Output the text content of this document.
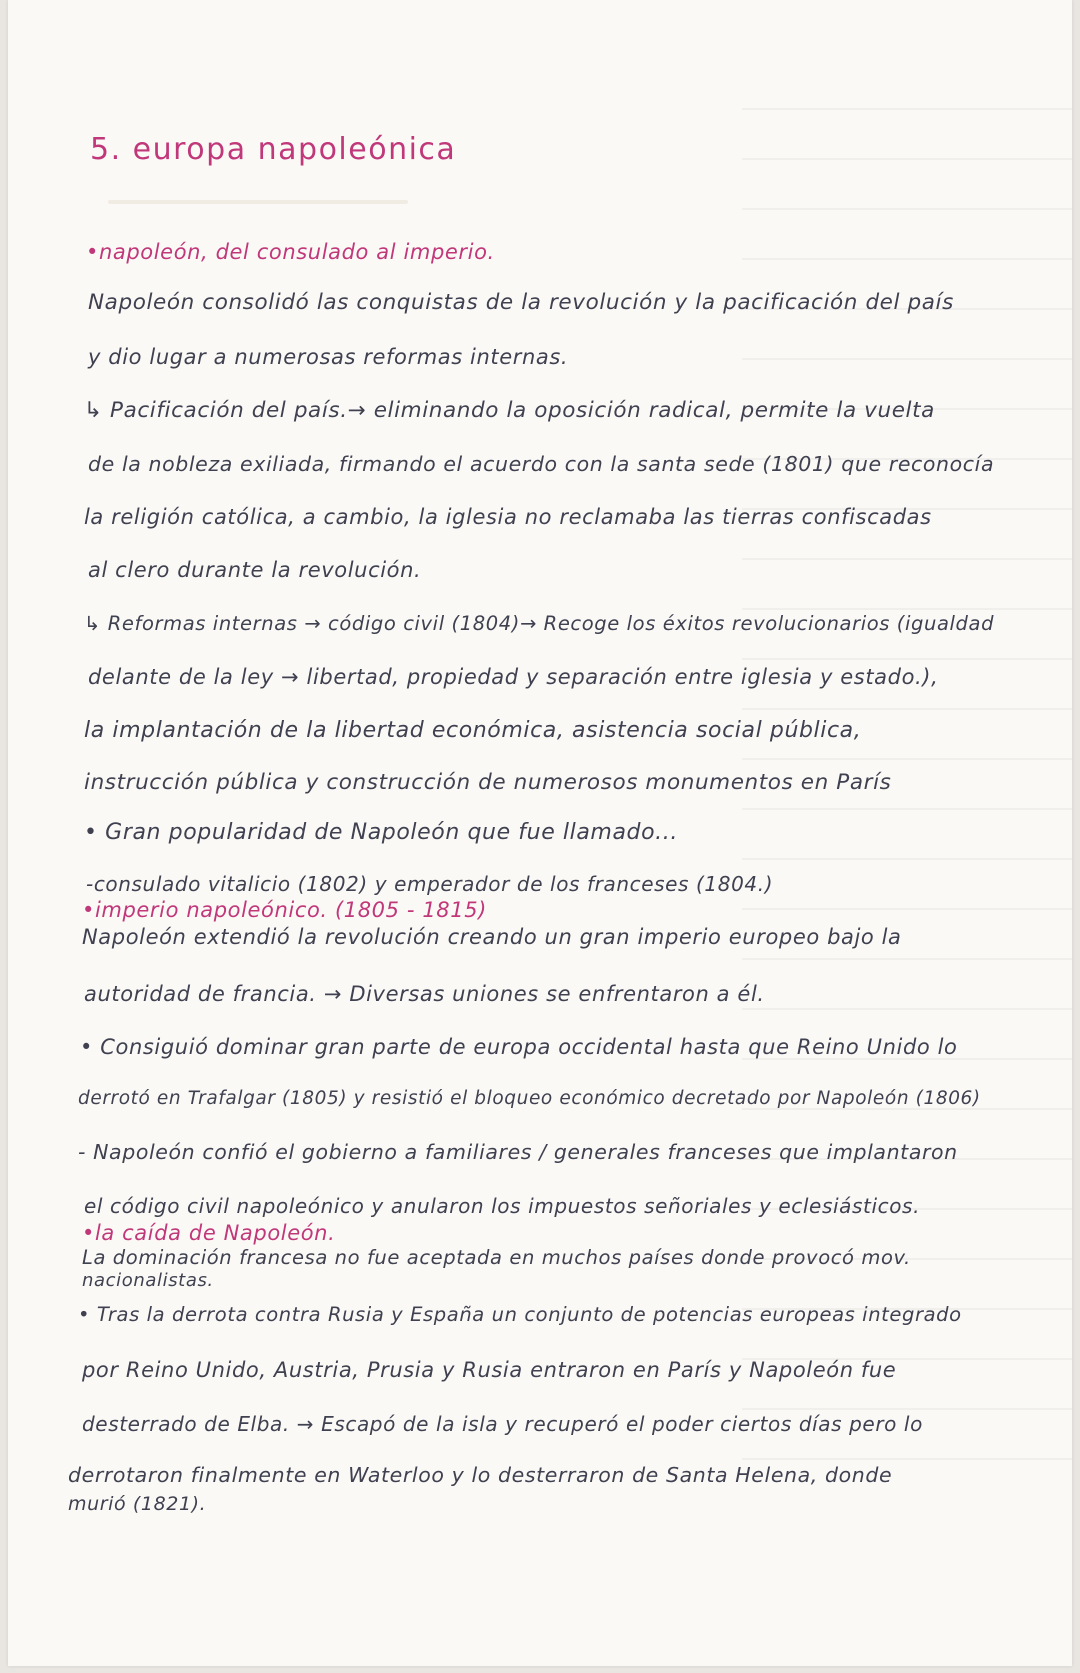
5. europa napoleónica

•napoleón, del consulado al imperio.

Napoleón consolidó las conquistas de la revolución y la pacificación del país

y dio lugar a numerosas reformas internas.

↳ Pacificación del país.→ eliminando la oposición radical, permite la vuelta

de la nobleza exiliada, firmando el acuerdo con la santa sede (1801) que reconocía

la religión católica, a cambio, la iglesia no reclamaba las tierras confiscadas

al clero durante la revolución.

↳ Reformas internas → código civil (1804)→ Recoge los éxitos revolucionarios (igualdad

delante de la ley → libertad, propiedad y separación entre iglesia y estado.),

la implantación de la libertad económica, asistencia social pública,

instrucción pública y construcción de numerosos monumentos en París

• Gran popularidad de Napoleón que fue llamado...

-consulado vitalicio (1802) y emperador de los franceses (1804.)

•imperio napoleónico. (1805 - 1815)

Napoleón extendió la revolución creando un gran imperio europeo bajo la

autoridad de francia. → Diversas uniones se enfrentaron a él.

• Consiguió dominar gran parte de europa occidental hasta que Reino Unido lo

derrotó en Trafalgar (1805) y resistió el bloqueo económico decretado por Napoleón (1806)

- Napoleón confió el gobierno a familiares / generales franceses que implantaron

el código civil napoleónico y anularon los impuestos señoriales y eclesiásticos.

•la caída de Napoleón.

La dominación francesa no fue aceptada en muchos países donde provocó mov.

nacionalistas.

• Tras la derrota contra Rusia y España un conjunto de potencias europeas integrado

por Reino Unido, Austria, Prusia y Rusia entraron en París y Napoleón fue

desterrado de Elba. → Escapó de la isla y recuperó el poder ciertos días pero lo

derrotaron finalmente en Waterloo y lo desterraron de Santa Helena, donde

murió (1821).
